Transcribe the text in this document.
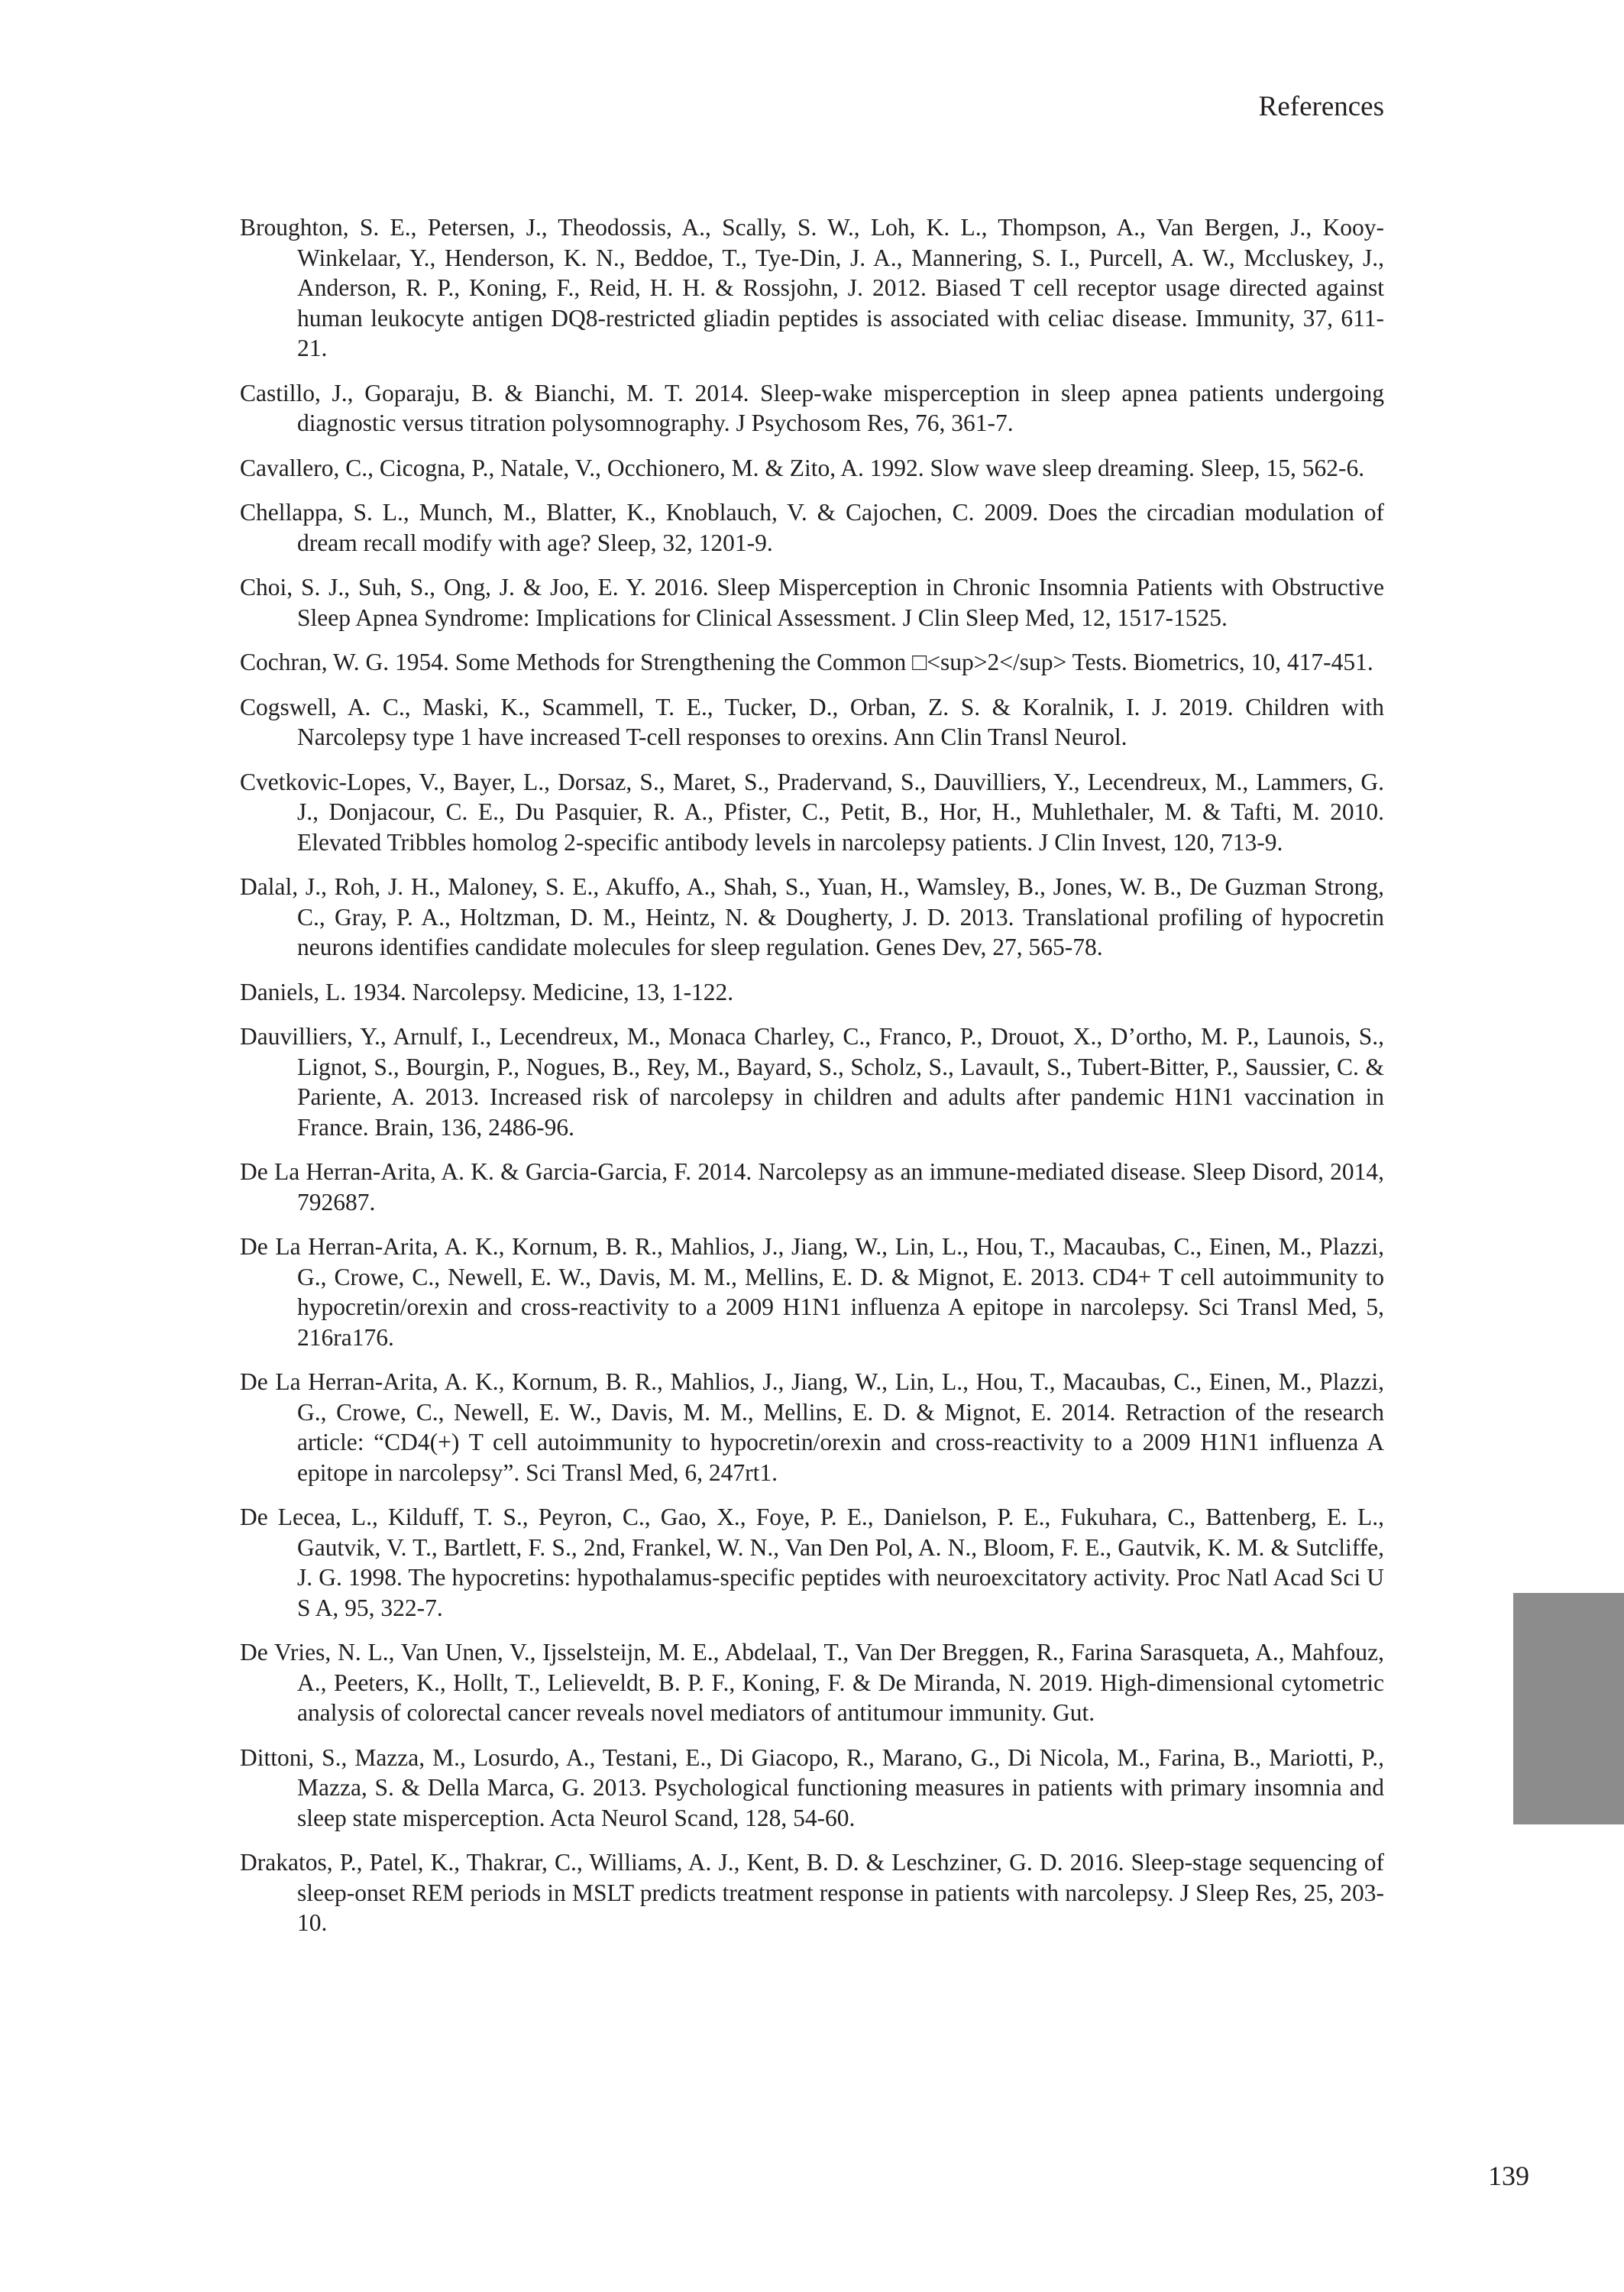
References
Broughton, S. E., Petersen, J., Theodossis, A., Scally, S. W., Loh, K. L., Thompson, A., Van Bergen, J., Kooy-Winkelaar, Y., Henderson, K. N., Beddoe, T., Tye-Din, J. A., Mannering, S. I., Purcell, A. W., Mccluskey, J., Anderson, R. P., Koning, F., Reid, H. H. & Rossjohn, J. 2012. Biased T cell receptor usage directed against human leukocyte antigen DQ8-restricted gliadin peptides is associated with celiac disease. Immunity, 37, 611-21.
Castillo, J., Goparaju, B. & Bianchi, M. T. 2014. Sleep-wake misperception in sleep apnea patients undergoing diagnostic versus titration polysomnography. J Psychosom Res, 76, 361-7.
Cavallero, C., Cicogna, P., Natale, V., Occhionero, M. & Zito, A. 1992. Slow wave sleep dreaming. Sleep, 15, 562-6.
Chellappa, S. L., Munch, M., Blatter, K., Knoblauch, V. & Cajochen, C. 2009. Does the circadian modulation of dream recall modify with age? Sleep, 32, 1201-9.
Choi, S. J., Suh, S., Ong, J. & Joo, E. Y. 2016. Sleep Misperception in Chronic Insomnia Patients with Obstructive Sleep Apnea Syndrome: Implications for Clinical Assessment. J Clin Sleep Med, 12, 1517-1525.
Cochran, W. G. 1954. Some Methods for Strengthening the Common □<sup>2</sup> Tests. Biometrics, 10, 417-451.
Cogswell, A. C., Maski, K., Scammell, T. E., Tucker, D., Orban, Z. S. & Koralnik, I. J. 2019. Children with Narcolepsy type 1 have increased T-cell responses to orexins. Ann Clin Transl Neurol.
Cvetkovic-Lopes, V., Bayer, L., Dorsaz, S., Maret, S., Pradervand, S., Dauvilliers, Y., Lecendreux, M., Lammers, G. J., Donjacour, C. E., Du Pasquier, R. A., Pfister, C., Petit, B., Hor, H., Muhlethaler, M. & Tafti, M. 2010. Elevated Tribbles homolog 2-specific antibody levels in narcolepsy patients. J Clin Invest, 120, 713-9.
Dalal, J., Roh, J. H., Maloney, S. E., Akuffo, A., Shah, S., Yuan, H., Wamsley, B., Jones, W. B., De Guzman Strong, C., Gray, P. A., Holtzman, D. M., Heintz, N. & Dougherty, J. D. 2013. Translational profiling of hypocretin neurons identifies candidate molecules for sleep regulation. Genes Dev, 27, 565-78.
Daniels, L. 1934. Narcolepsy. Medicine, 13, 1-122.
Dauvilliers, Y., Arnulf, I., Lecendreux, M., Monaca Charley, C., Franco, P., Drouot, X., D’ortho, M. P., Launois, S., Lignot, S., Bourgin, P., Nogues, B., Rey, M., Bayard, S., Scholz, S., Lavault, S., Tubert-Bitter, P., Saussier, C. & Pariente, A. 2013. Increased risk of narcolepsy in children and adults after pandemic H1N1 vaccination in France. Brain, 136, 2486-96.
De La Herran-Arita, A. K. & Garcia-Garcia, F. 2014. Narcolepsy as an immune-mediated disease. Sleep Disord, 2014, 792687.
De La Herran-Arita, A. K., Kornum, B. R., Mahlios, J., Jiang, W., Lin, L., Hou, T., Macaubas, C., Einen, M., Plazzi, G., Crowe, C., Newell, E. W., Davis, M. M., Mellins, E. D. & Mignot, E. 2013. CD4+ T cell autoimmunity to hypocretin/orexin and cross-reactivity to a 2009 H1N1 influenza A epitope in narcolepsy. Sci Transl Med, 5, 216ra176.
De La Herran-Arita, A. K., Kornum, B. R., Mahlios, J., Jiang, W., Lin, L., Hou, T., Macaubas, C., Einen, M., Plazzi, G., Crowe, C., Newell, E. W., Davis, M. M., Mellins, E. D. & Mignot, E. 2014. Retraction of the research article: “CD4(+) T cell autoimmunity to hypocretin/orexin and cross-reactivity to a 2009 H1N1 influenza A epitope in narcolepsy”. Sci Transl Med, 6, 247rt1.
De Lecea, L., Kilduff, T. S., Peyron, C., Gao, X., Foye, P. E., Danielson, P. E., Fukuhara, C., Battenberg, E. L., Gautvik, V. T., Bartlett, F. S., 2nd, Frankel, W. N., Van Den Pol, A. N., Bloom, F. E., Gautvik, K. M. & Sutcliffe, J. G. 1998. The hypocretins: hypothalamus-specific peptides with neuroexcitatory activity. Proc Natl Acad Sci U S A, 95, 322-7.
De Vries, N. L., Van Unen, V., Ijsselsteijn, M. E., Abdelaal, T., Van Der Breggen, R., Farina Sarasqueta, A., Mahfouz, A., Peeters, K., Hollt, T., Lelieveldt, B. P. F., Koning, F. & De Miranda, N. 2019. High-dimensional cytometric analysis of colorectal cancer reveals novel mediators of antitumour immunity. Gut.
Dittoni, S., Mazza, M., Losurdo, A., Testani, E., Di Giacopo, R., Marano, G., Di Nicola, M., Farina, B., Mariotti, P., Mazza, S. & Della Marca, G. 2013. Psychological functioning measures in patients with primary insomnia and sleep state misperception. Acta Neurol Scand, 128, 54-60.
Drakatos, P., Patel, K., Thakrar, C., Williams, A. J., Kent, B. D. & Leschziner, G. D. 2016. Sleep-stage sequencing of sleep-onset REM periods in MSLT predicts treatment response in patients with narcolepsy. J Sleep Res, 25, 203-10.
139
